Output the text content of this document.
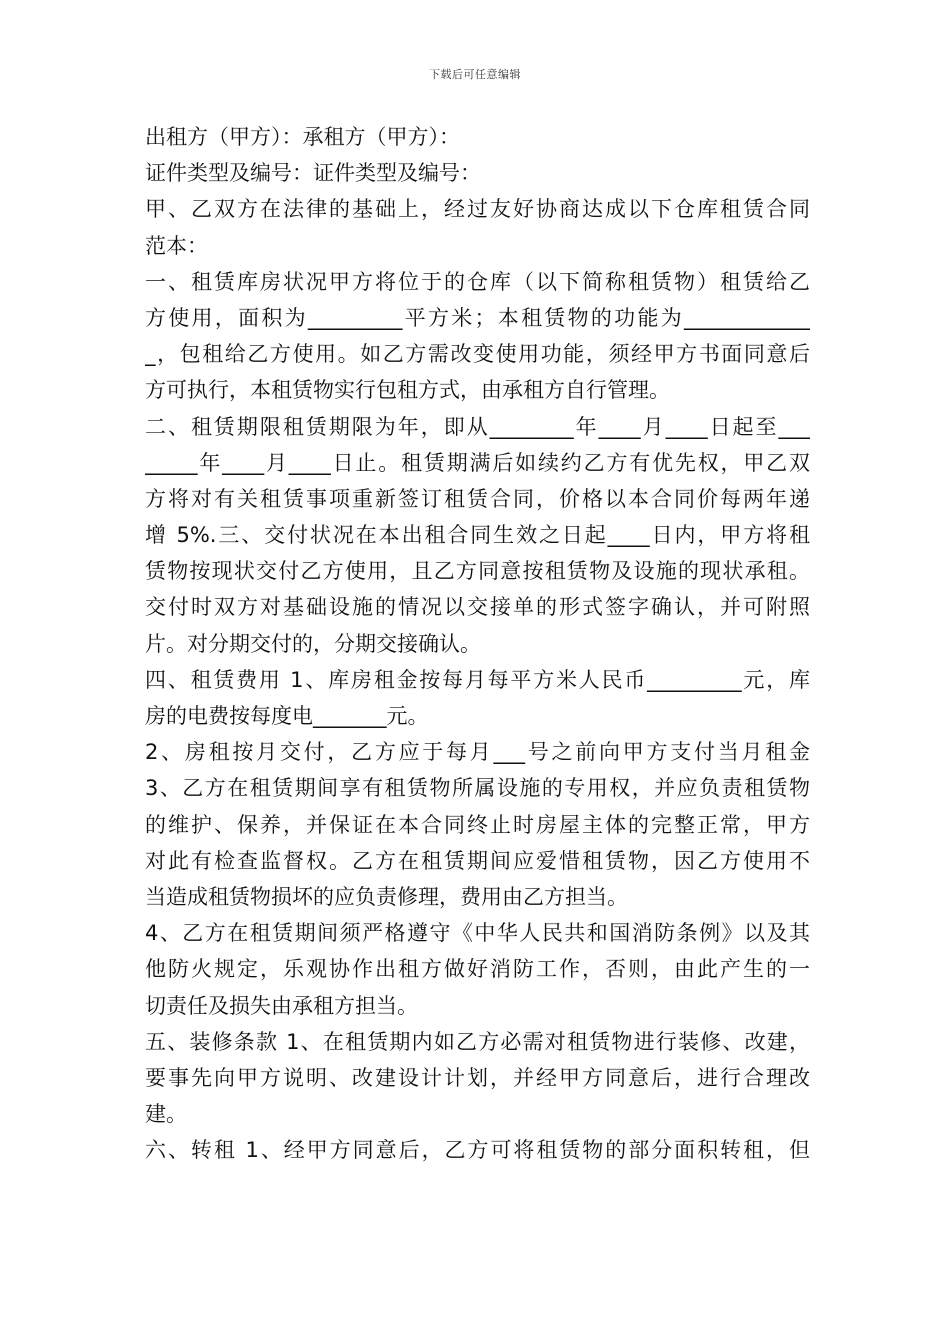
下载后可任意编辑
出租方（甲方）：承租方（甲方）：
证件类型及编号：证件类型及编号：
甲、乙双方在法律的基础上，经过友好协商达成以下仓库租赁合同
范本：
一、租赁库房状况甲方将位于的仓库（以下简称租赁物）租赁给乙
方使用，面积为_________平方米；本租赁物的功能为____________
_，包租给乙方使用。如乙方需改变使用功能，须经甲方书面同意后
方可执行，本租赁物实行包租方式，由承租方自行管理。
二、租赁期限租赁期限为年，即从________年____月____日起至___
_____年____月____日止。租赁期满后如续约乙方有优先权，甲乙双
方将对有关租赁事项重新签订租赁合同，价格以本合同价每两年递
增 5%.三、交付状况在本出租合同生效之日起____日内，甲方将租
赁物按现状交付乙方使用，且乙方同意按租赁物及设施的现状承租。
交付时双方对基础设施的情况以交接单的形式签字确认，并可附照
片。对分期交付的，分期交接确认。
四、租赁费用 1、库房租金按每月每平方米人民币_________元，库
房的电费按每度电_______元。
2、房租按月交付，乙方应于每月___号之前向甲方支付当月租金
3、乙方在租赁期间享有租赁物所属设施的专用权，并应负责租赁物
的维护、保养，并保证在本合同终止时房屋主体的完整正常，甲方
对此有检查监督权。乙方在租赁期间应爱惜租赁物，因乙方使用不
当造成租赁物损坏的应负责修理，费用由乙方担当。
4、乙方在租赁期间须严格遵守《中华人民共和国消防条例》以及其
他防火规定，乐观协作出租方做好消防工作，否则，由此产生的一
切责任及损失由承租方担当。
五、装修条款 1、在租赁期内如乙方必需对租赁物进行装修、改建，
要事先向甲方说明、改建设计计划，并经甲方同意后，进行合理改
建。
六、转租 1、经甲方同意后，乙方可将租赁物的部分面积转租，但
